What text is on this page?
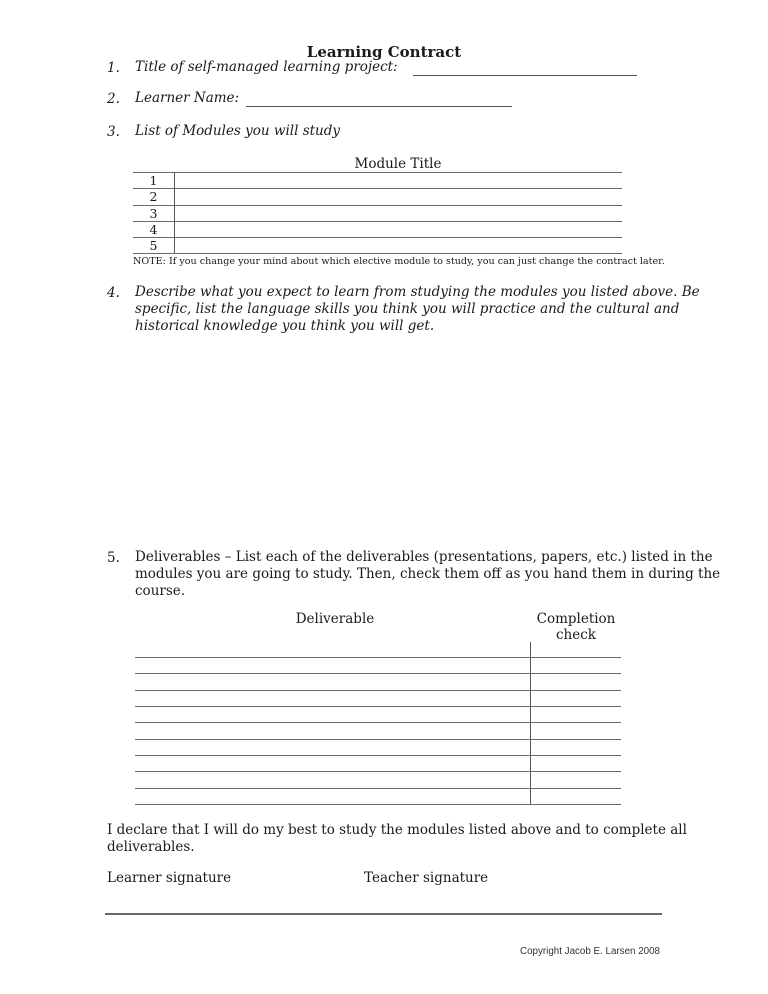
Learning Contract
1. Title of self-managed learning project:
2. Learner Name:
3. List of Modules you will study
Module Title
1
2
3
4
5
NOTE: If you change your mind about which elective module to study, you can just change the contract later.
4. Describe what you expect to learn from studying the modules you listed above. Be
specific, list the language skills you think you will practice and the cultural and
historical knowledge you think you will get.
5. Deliverables – List each of the deliverables (presentations, papers, etc.) listed in the
modules you are going to study. Then, check them off as you hand them in during the
course.
Deliverable	Completion
check
I declare that I will do my best to study the modules listed above and to complete all
deliverables.
Learner signature	Teacher signature
Copyright Jacob E. Larsen 2008
